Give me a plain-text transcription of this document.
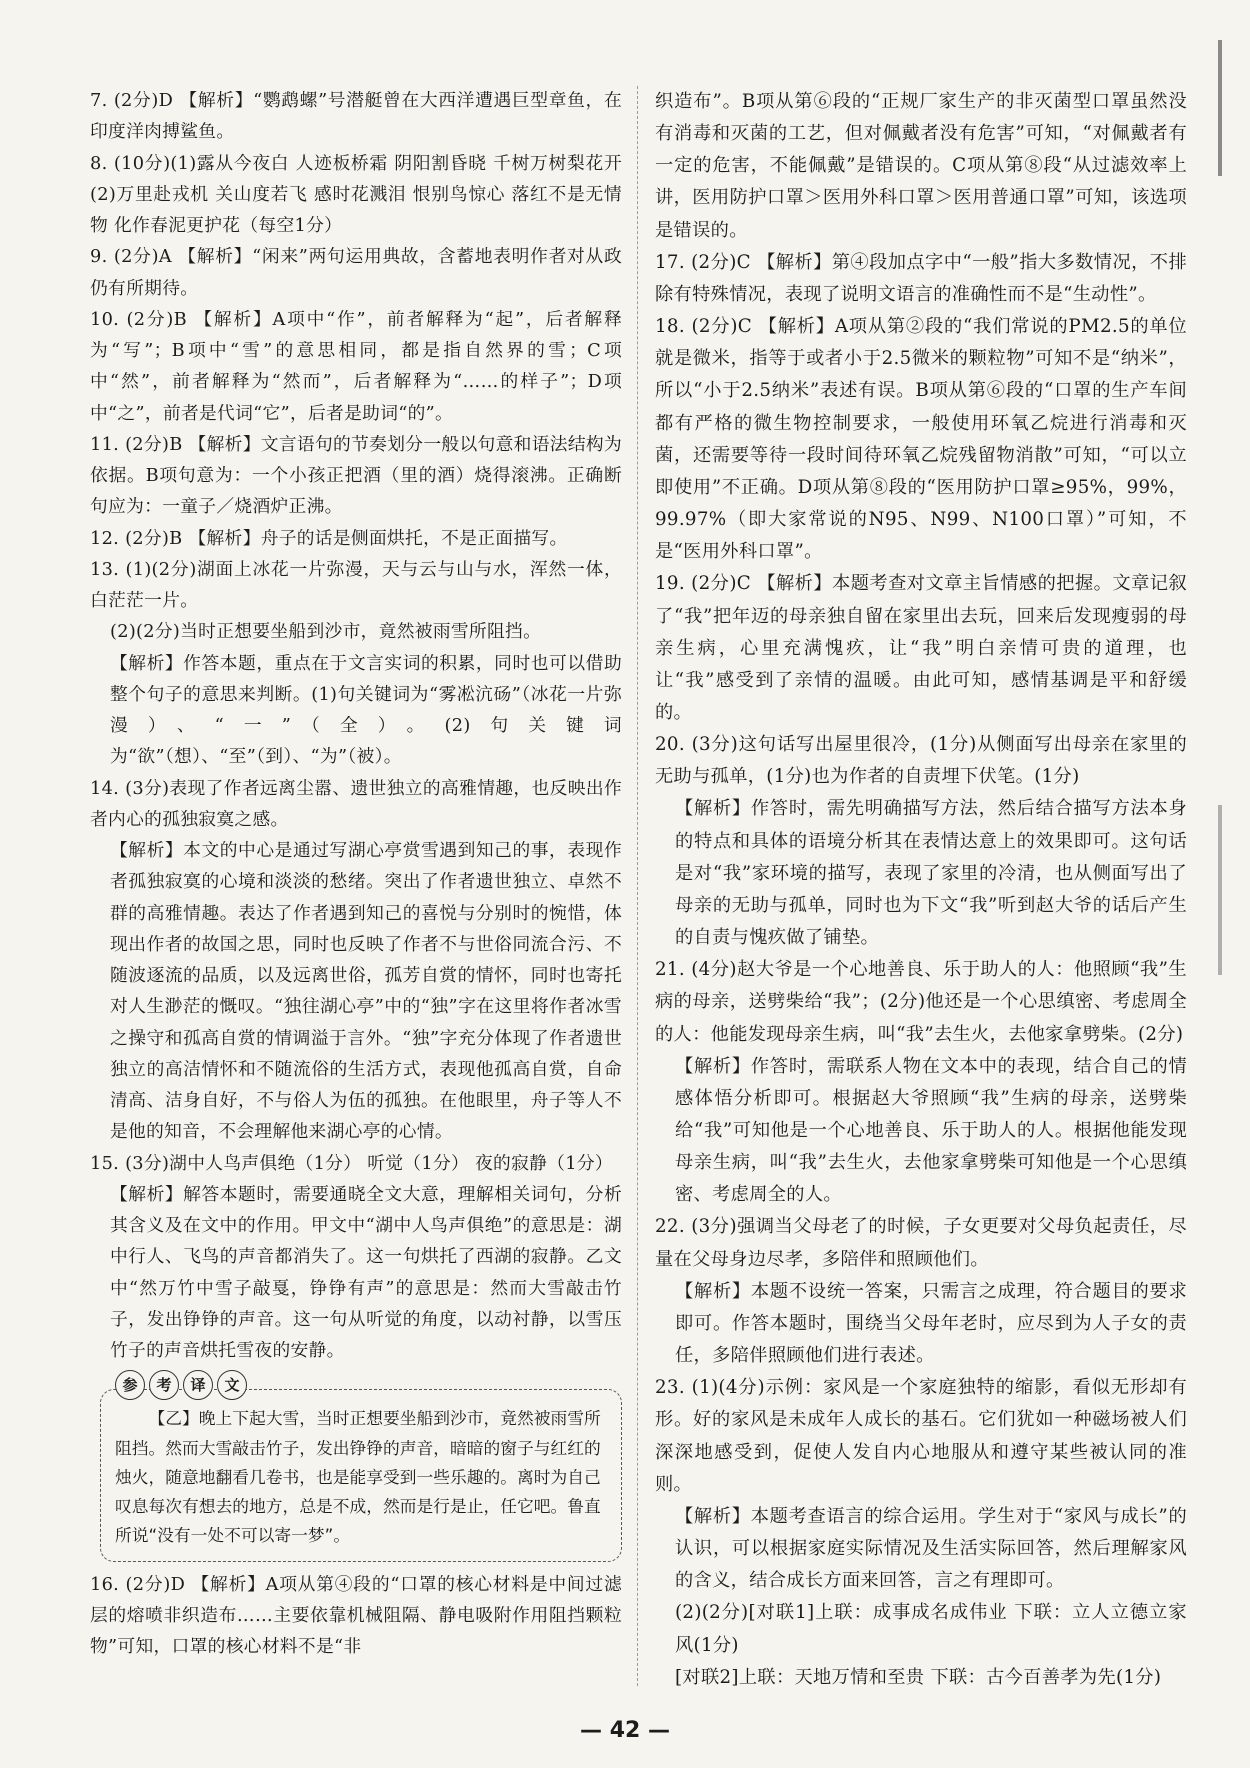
7. (2分)D 【解析】“鹦鹉螺”号潜艇曾在大西洋遭遇巨型章鱼，在印度洋肉搏鲨鱼。
8. (10分)(1)露从今夜白 人迹板桥霜 阴阳割昏晓 千树万树梨花开 (2)万里赴戎机 关山度若飞 感时花溅泪 恨别鸟惊心 落红不是无情物 化作春泥更护花（每空1分）
9. (2分)A 【解析】“闲来”两句运用典故，含蓄地表明作者对从政仍有所期待。
10. (2分)B 【解析】A项中“作”，前者解释为“起”，后者解释为“写”；B项中“雪”的意思相同，都是指自然界的雪；C项中“然”，前者解释为“然而”，后者解释为“……的样子”；D项中“之”，前者是代词“它”，后者是助词“的”。
11. (2分)B 【解析】文言语句的节奏划分一般以句意和语法结构为依据。B项句意为：一个小孩正把酒（里的酒）烧得滚沸。正确断句应为：一童子／烧酒炉正沸。
12. (2分)B 【解析】舟子的话是侧面烘托，不是正面描写。
13. (1)(2分)湖面上冰花一片弥漫，天与云与山与水，浑然一体，白茫茫一片。
(2)(2分)当时正想要坐船到沙市，竟然被雨雪所阻挡。
【解析】作答本题，重点在于文言实词的积累，同时也可以借助整个句子的意思来判断。(1)句关键词为“雾凇沆砀”（冰花一片弥漫）、“一”（全）。(2)句关键词为“欲”（想）、“至”（到）、“为”（被）。
14. (3分)表现了作者远离尘嚣、遗世独立的高雅情趣，也反映出作者内心的孤独寂寞之感。
【解析】本文的中心是通过写湖心亭赏雪遇到知己的事，表现作者孤独寂寞的心境和淡淡的愁绪。突出了作者遗世独立、卓然不群的高雅情趣。表达了作者遇到知己的喜悦与分别时的惋惜，体现出作者的故国之思，同时也反映了作者不与世俗同流合污、不随波逐流的品质，以及远离世俗，孤芳自赏的情怀，同时也寄托对人生渺茫的慨叹。“独往湖心亭”中的“独”字在这里将作者冰雪之操守和孤高自赏的情调溢于言外。“独”字充分体现了作者遗世独立的高洁情怀和不随流俗的生活方式，表现他孤高自赏，自命清高、洁身自好，不与俗人为伍的孤独。在他眼里，舟子等人不是他的知音，不会理解他来湖心亭的心情。
15. (3分)湖中人鸟声俱绝（1分） 听觉（1分） 夜的寂静（1分）
【解析】解答本题时，需要通晓全文大意，理解相关词句，分析其含义及在文中的作用。甲文中“湖中人鸟声俱绝”的意思是：湖中行人、飞鸟的声音都消失了。这一句烘托了西湖的寂静。乙文中“然万竹中雪子敲戛，铮铮有声”的意思是：然而大雪敲击竹子，发出铮铮的声音。这一句从听觉的角度，以动衬静，以雪压竹子的声音烘托雪夜的安静。
参	考	译	文
【乙】晚上下起大雪，当时正想要坐船到沙市，竟然被雨雪所阻挡。然而大雪敲击竹子，发出铮铮的声音，暗暗的窗子与红红的烛火，随意地翻看几卷书，也是能享受到一些乐趣的。离时为自己叹息每次有想去的地方，总是不成，然而是行是止，任它吧。鲁直所说“没有一处不可以寄一梦”。
16. (2分)D 【解析】A项从第④段的“口罩的核心材料是中间过滤层的熔喷非织造布……主要依靠机械阻隔、静电吸附作用阻挡颗粒物”可知，口罩的核心材料不是“非
织造布”。B项从第⑥段的“正规厂家生产的非灭菌型口罩虽然没有消毒和灭菌的工艺，但对佩戴者没有危害”可知，“对佩戴者有一定的危害，不能佩戴”是错误的。C项从第⑧段“从过滤效率上讲，医用防护口罩＞医用外科口罩＞医用普通口罩”可知，该选项是错误的。
17. (2分)C 【解析】第④段加点字中“一般”指大多数情况，不排除有特殊情况，表现了说明文语言的准确性而不是“生动性”。
18. (2分)C 【解析】A项从第②段的“我们常说的PM2.5的单位就是微米，指等于或者小于2.5微米的颗粒物”可知不是“纳米”，所以“小于2.5纳米”表述有误。B项从第⑥段的“口罩的生产车间都有严格的微生物控制要求，一般使用环氧乙烷进行消毒和灭菌，还需要等待一段时间待环氧乙烷残留物消散”可知，“可以立即使用”不正确。D项从第⑧段的“医用防护口罩≥95%，99%，99.97%（即大家常说的N95、N99、N100口罩）”可知，不是“医用外科口罩”。
19. (2分)C 【解析】本题考查对文章主旨情感的把握。文章记叙了“我”把年迈的母亲独自留在家里出去玩，回来后发现瘦弱的母亲生病，心里充满愧疚，让“我”明白亲情可贵的道理，也让“我”感受到了亲情的温暖。由此可知，感情基调是平和舒缓的。
20. (3分)这句话写出屋里很冷，(1分)从侧面写出母亲在家里的无助与孤单，(1分)也为作者的自责埋下伏笔。(1分)
【解析】作答时，需先明确描写方法，然后结合描写方法本身的特点和具体的语境分析其在表情达意上的效果即可。这句话是对“我”家环境的描写，表现了家里的冷清，也从侧面写出了母亲的无助与孤单，同时也为下文“我”听到赵大爷的话后产生的自责与愧疚做了铺垫。
21. (4分)赵大爷是一个心地善良、乐于助人的人：他照顾“我”生病的母亲，送劈柴给“我”；(2分)他还是一个心思缜密、考虑周全的人：他能发现母亲生病，叫“我”去生火，去他家拿劈柴。(2分)
【解析】作答时，需联系人物在文本中的表现，结合自己的情感体悟分析即可。根据赵大爷照顾“我”生病的母亲，送劈柴给“我”可知他是一个心地善良、乐于助人的人。根据他能发现母亲生病，叫“我”去生火，去他家拿劈柴可知他是一个心思缜密、考虑周全的人。
22. (3分)强调当父母老了的时候，子女更要对父母负起责任，尽量在父母身边尽孝，多陪伴和照顾他们。
【解析】本题不设统一答案，只需言之成理，符合题目的要求即可。作答本题时，围绕当父母年老时，应尽到为人子女的责任，多陪伴照顾他们进行表述。
23. (1)(4分)示例：家风是一个家庭独特的缩影，看似无形却有形。好的家风是未成年人成长的基石。它们犹如一种磁场被人们深深地感受到，促使人发自内心地服从和遵守某些被认同的准则。
【解析】本题考查语言的综合运用。学生对于“家风与成长”的认识，可以根据家庭实际情况及生活实际回答，然后理解家风的含义，结合成长方面来回答，言之有理即可。
(2)(2分)[对联1]上联：成事成名成伟业 下联：立人立德立家风(1分)
[对联2]上联：天地万情和至贵 下联：古今百善孝为先(1分)
— 42 —
